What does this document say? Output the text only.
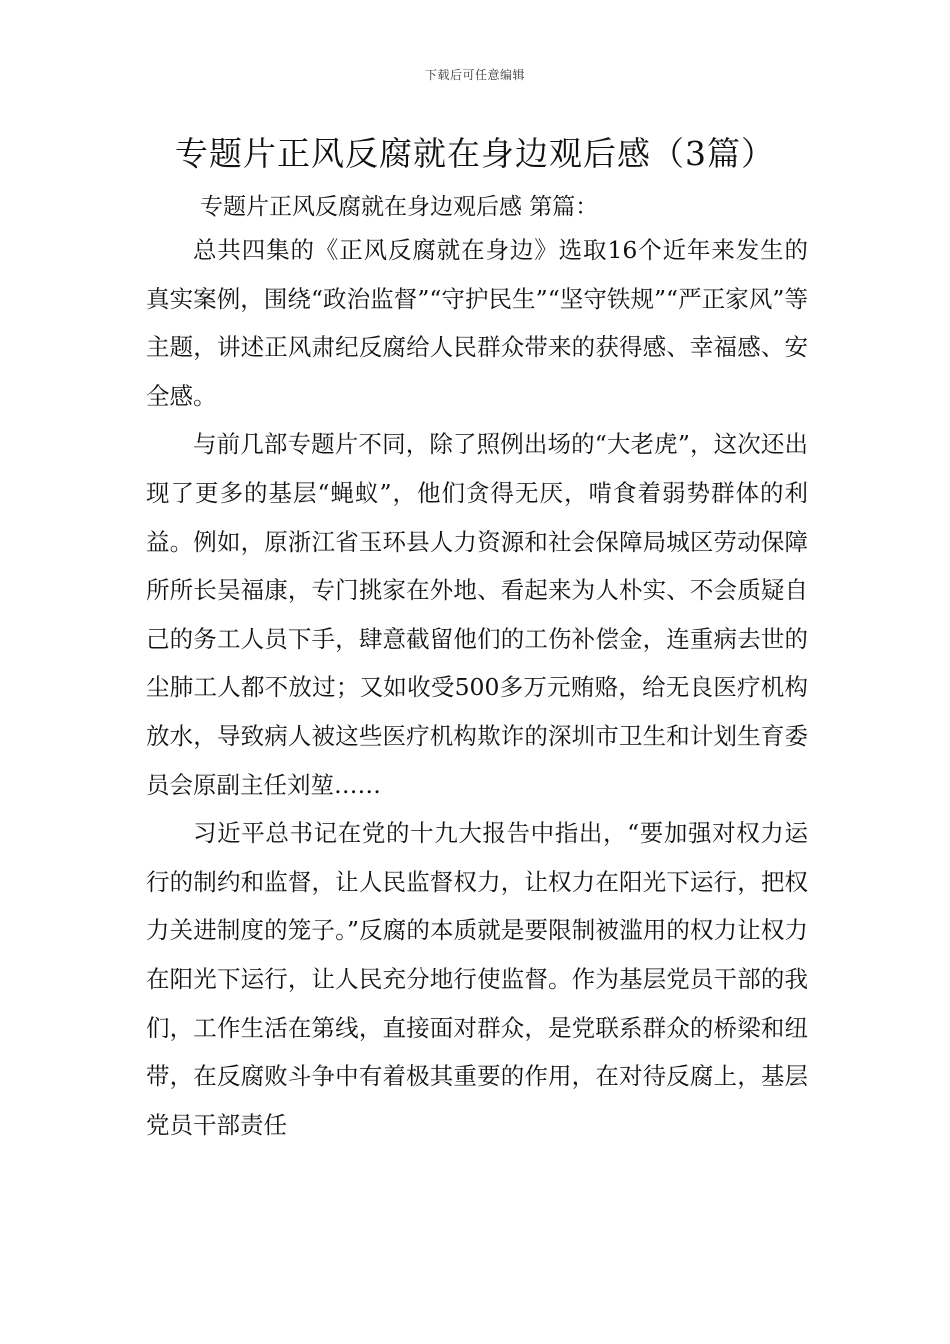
下载后可任意编辑
专题片正风反腐就在身边观后感（3篇）
专题片正风反腐就在身边观后感 第篇：

总共四集的《正风反腐就在身边》选取16个近年来发生的真实案例，围绕“政治监督”“守护民生”“坚守铁规”“严正家风”等主题，讲述正风肃纪反腐给人民群众带来的获得感、幸福感、安全感。

与前几部专题片不同，除了照例出场的“大老虎”，这次还出现了更多的基层“蝇蚁”，他们贪得无厌，啃食着弱势群体的利益。例如，原浙江省玉环县人力资源和社会保障局城区劳动保障所所长吴福康，专门挑家在外地、看起来为人朴实、不会质疑自己的务工人员下手，肆意截留他们的工伤补偿金，连重病去世的尘肺工人都不放过；又如收受500多万元贿赂，给无良医疗机构放水，导致病人被这些医疗机构欺诈的深圳市卫生和计划生育委员会原副主任刘堃……

习近平总书记在党的十九大报告中指出，“要加强对权力运行的制约和监督，让人民监督权力，让权力在阳光下运行，把权力关进制度的笼子。”反腐的本质就是要限制被滥用的权力让权力在阳光下运行，让人民充分地行使监督。作为基层党员干部的我们，工作生活在第线，直接面对群众，是党联系群众的桥梁和纽带，在反腐败斗争中有着极其重要的作用，在对待反腐上，基层党员干部责任
